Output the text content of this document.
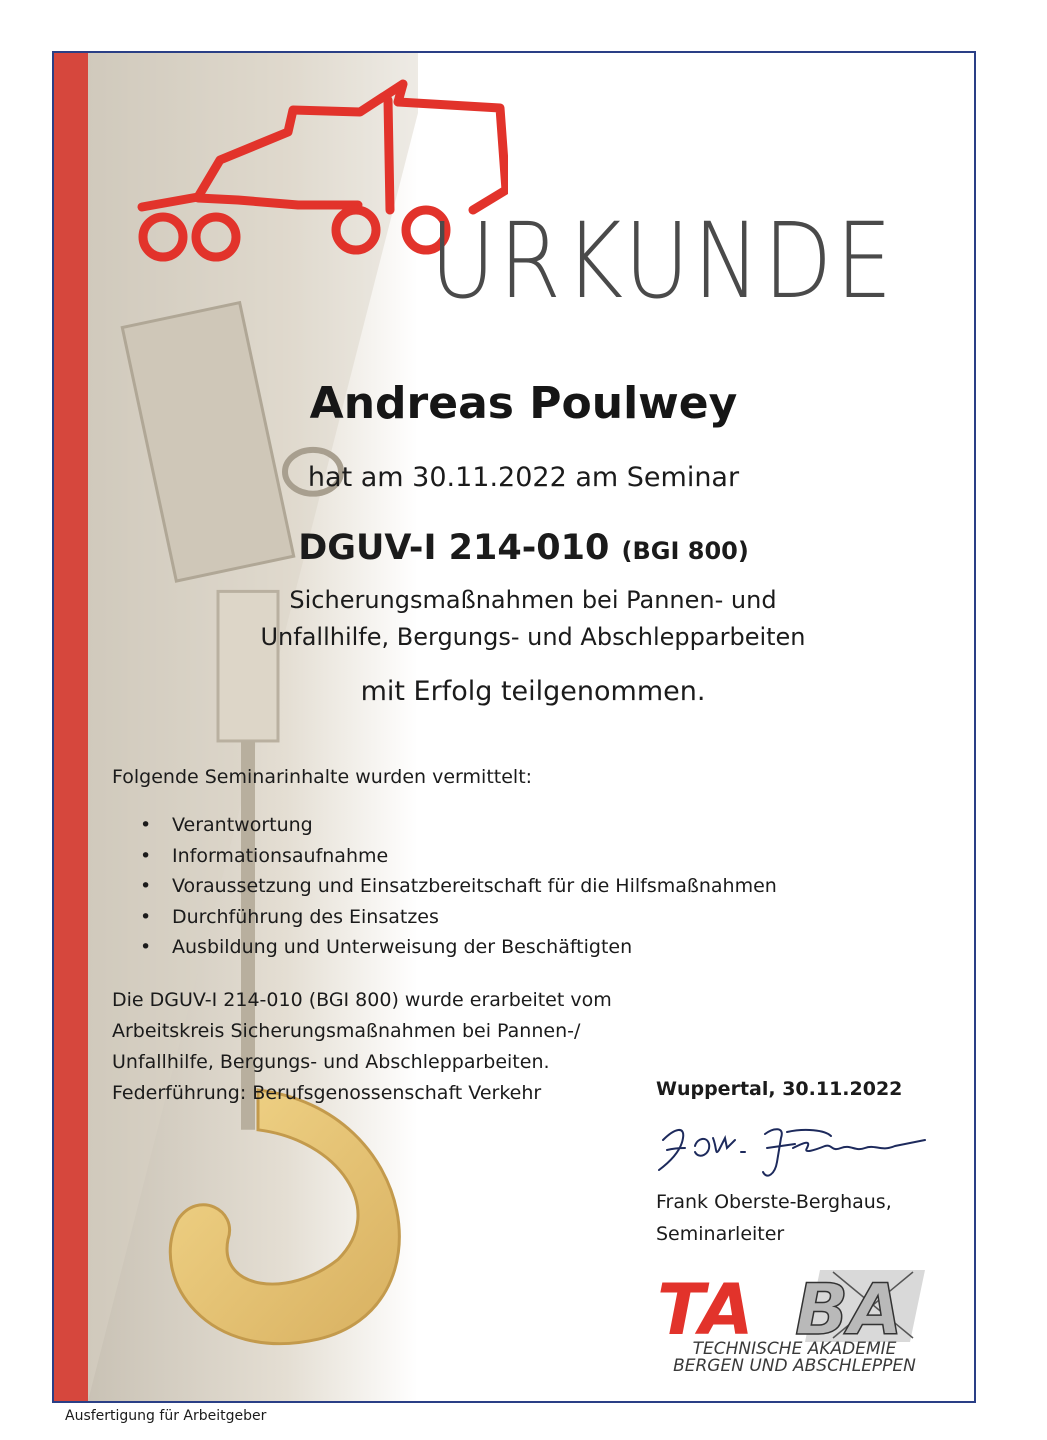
URKUNDE
Andreas Poulwey
hat am 30.11.2022 am Seminar
DGUV-I 214-010 (BGI 800)
Sicherungsmaßnahmen bei Pannen- und
Unfallhilfe, Bergungs- und Abschlepparbeiten
mit Erfolg teilgenommen.
Folgende Seminarinhalte wurden vermittelt:
• Verantwortung
• Informationsaufnahme
• Voraussetzung und Einsatzbereitschaft für die Hilfsmaßnahmen
• Durchführung des Einsatzes
• Ausbildung und Unterweisung der Beschäftigten
Die DGUV-I 214-010 (BGI 800) wurde erarbeitet vom
Arbeitskreis Sicherungsmaßnahmen bei Pannen-/
Unfallhilfe, Bergungs- und Abschlepparbeiten.
Federführung: Berufsgenossenschaft Verkehr	Wuppertal, 30.11.2022
Frank Oberste-Berghaus,
Seminarleiter
TA BA
TECHNISCHE AKADEMIE
BERGEN UND ABSCHLEPPEN
Ausfertigung für Arbeitgeber
